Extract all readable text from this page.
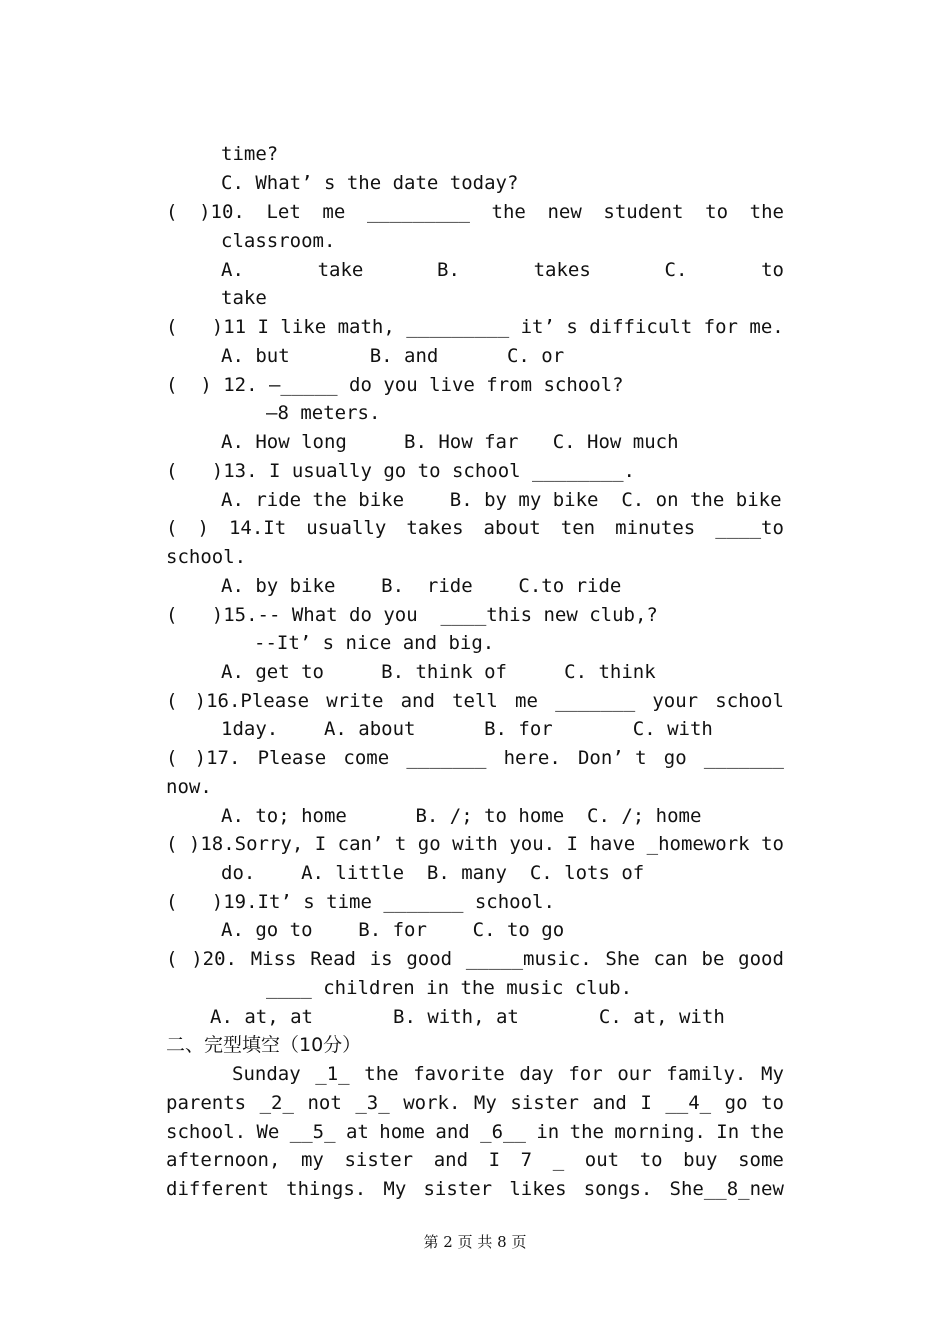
time?
C. What’ s the date today?
( )10. Let me _________ the new student to the
classroom.
A.	take	B.	takes	C.	to
take
(   )11 I like math, _________ it’ s difficult for me.
A. but       B. and      C. or
(  ) 12. —_____ do you live from school?
—8 meters.
A. How long     B. How far   C. How much
(   )13. I usually go to school ________.
A. ride the bike    B. by my bike  C. on the bike
( ) 14.It usually takes about ten minutes ____to
school.
A. by bike    B.  ride    C.to ride
(   )15.-- What do you  ____this new club,?
--It’ s nice and big.
A. get to     B. think of     C. think
( )16.Please write and tell me _______ your school
1day.    A. about      B. for       C. with
( )17. Please come _______ here. Don’ t go _______
now.
A. to; home      B. /; to home  C. /; home
( )18.Sorry, I can’ t go with you. I have _homework to
do.    A. little  B. many  C. lots of
(   )19.It’ s time _______ school.
A. go to    B. for    C. to go
( )20. Miss Read is good _____music. She can be good
____ children in the music club.
A. at, at       B. with, at       C. at, with
二、完型填空（10分）
Sunday _1_ the favorite day for our family. My
parents _2_ not _3_ work. My sister and I __4_ go to
school. We __5_ at home and _6__ in the morning. In the
afternoon, my sister and I 7 _ out to buy some
different things. My sister likes songs. She__8_new
第 2 页 共 8 页
